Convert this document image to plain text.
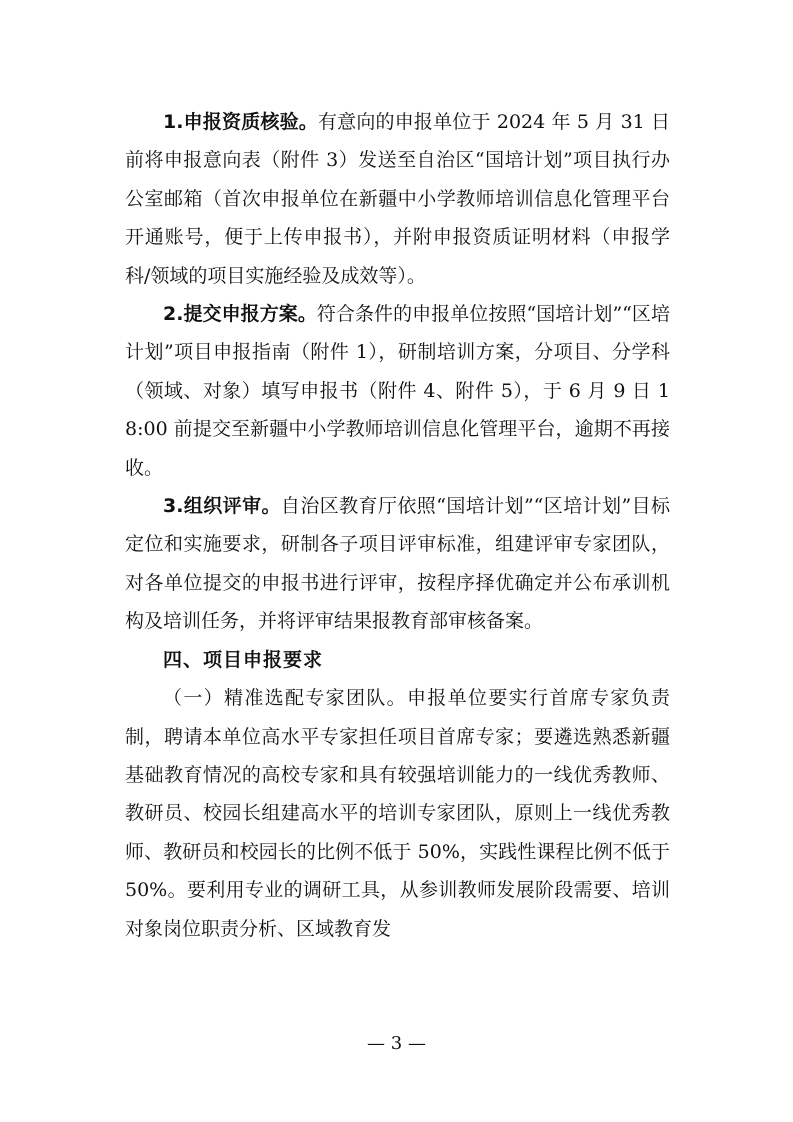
1.申报资质核验。有意向的申报单位于 2024 年 5 月 31 日前将申报意向表（附件 3）发送至自治区“国培计划”项目执行办公室邮箱（首次申报单位在新疆中小学教师培训信息化管理平台开通账号，便于上传申报书），并附申报资质证明材料（申报学科/领域的项目实施经验及成效等）。

2.提交申报方案。符合条件的申报单位按照“国培计划”“区培计划”项目申报指南（附件 1），研制培训方案，分项目、分学科（领域、对象）填写申报书（附件 4、附件 5），于 6 月 9 日 18:00 前提交至新疆中小学教师培训信息化管理平台，逾期不再接收。

3.组织评审。自治区教育厅依照“国培计划”“区培计划”目标定位和实施要求，研制各子项目评审标准，组建评审专家团队，对各单位提交的申报书进行评审，按程序择优确定并公布承训机构及培训任务，并将评审结果报教育部审核备案。

四、项目申报要求

（一）精准选配专家团队。申报单位要实行首席专家负责制，聘请本单位高水平专家担任项目首席专家；要遴选熟悉新疆基础教育情况的高校专家和具有较强培训能力的一线优秀教师、教研员、校园长组建高水平的培训专家团队，原则上一线优秀教师、教研员和校园长的比例不低于 50%，实践性课程比例不低于 50%。要利用专业的调研工具，从参训教师发展阶段需要、培训对象岗位职责分析、区域教育发

— 3 —
